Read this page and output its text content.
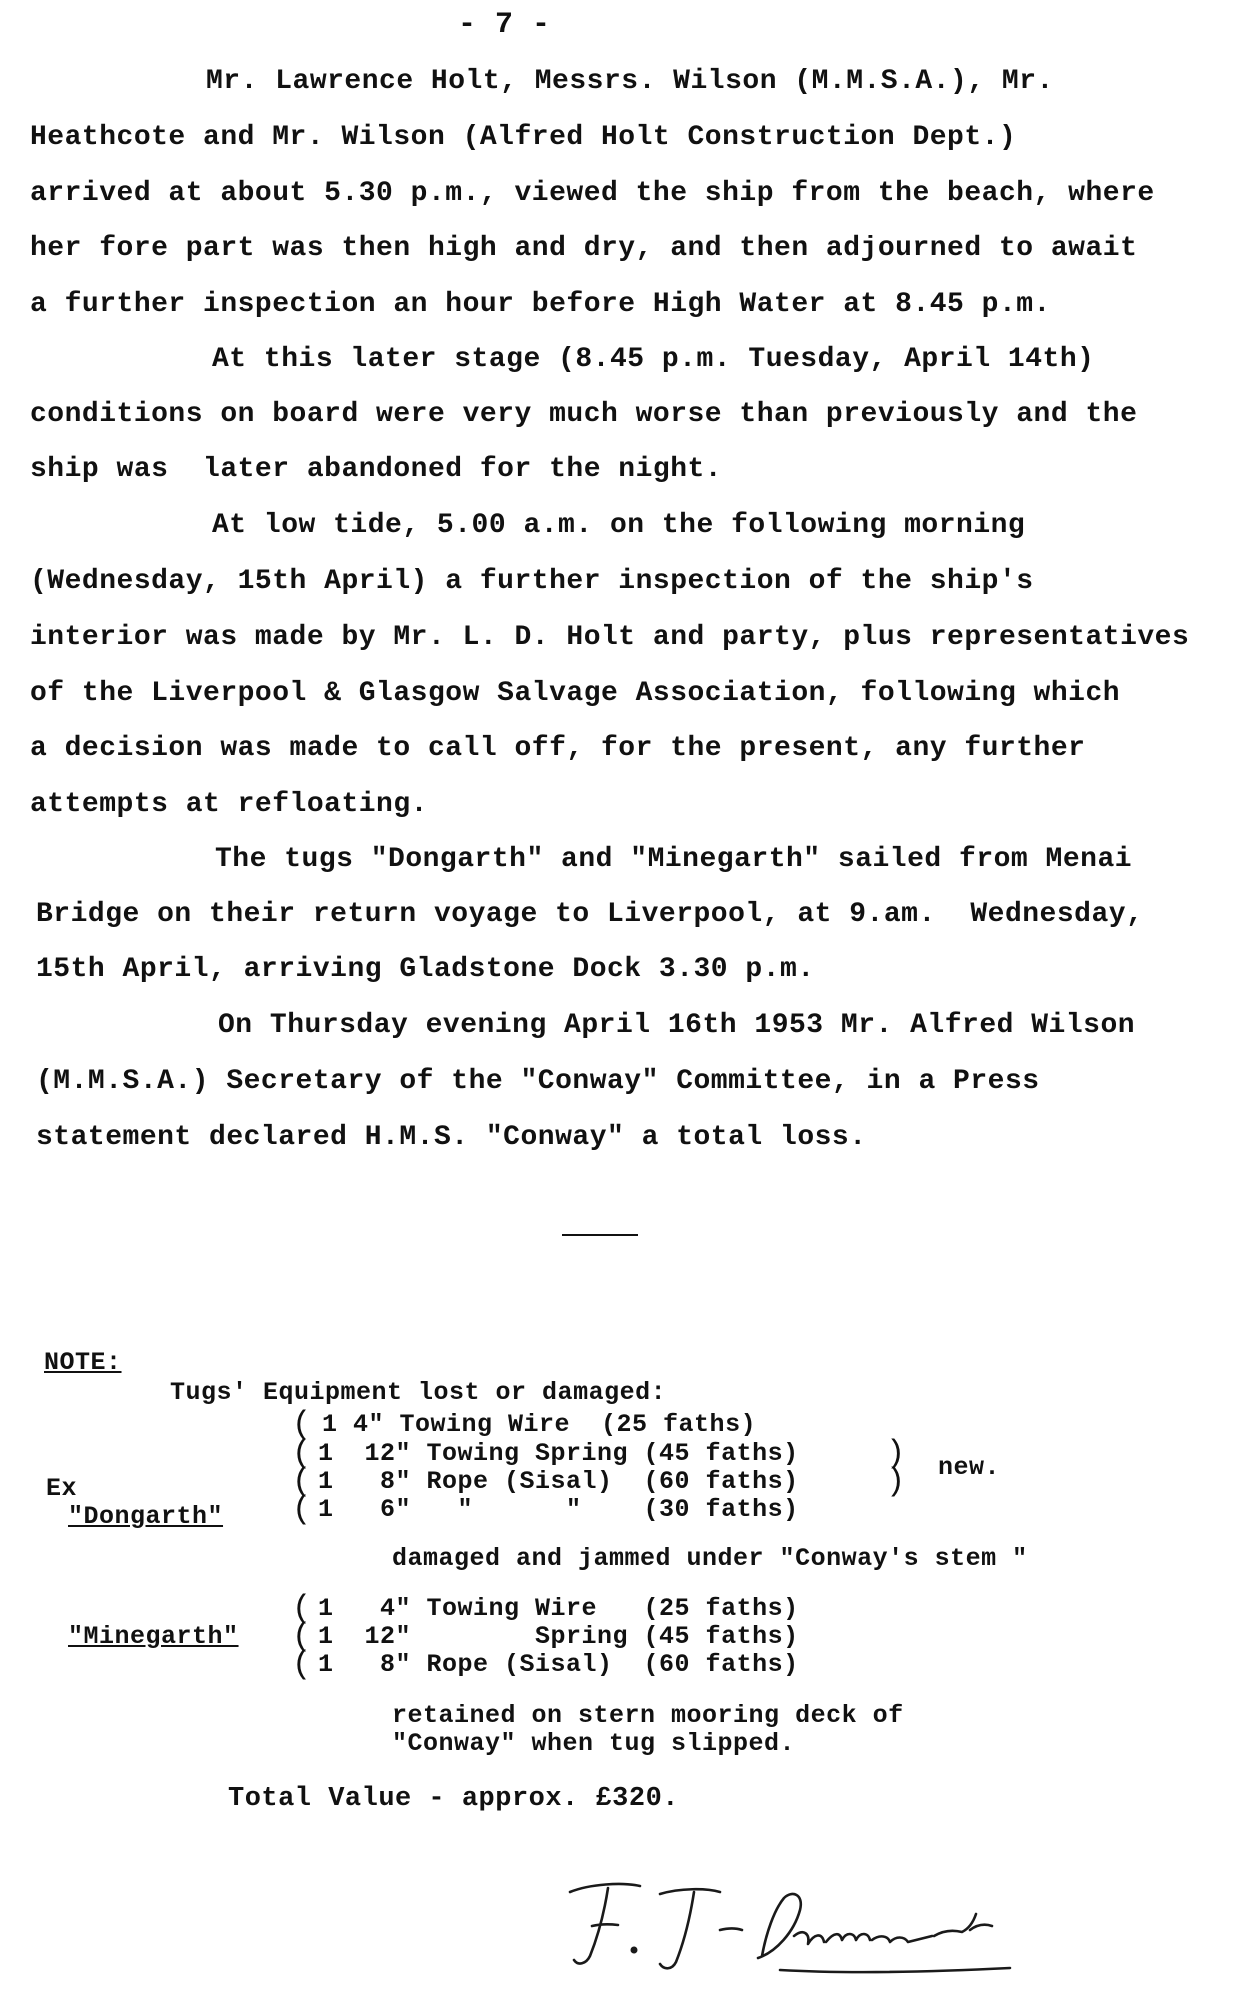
- 7 -
Mr. Lawrence Holt, Messrs. Wilson (M.M.S.A.), Mr.
Heathcote and Mr. Wilson (Alfred Holt Construction Dept.)
arrived at about 5.30 p.m., viewed the ship from the beach, where
her fore part was then high and dry, and then adjourned to await
a further inspection an hour before High Water at 8.45 p.m.
At this later stage (8.45 p.m. Tuesday, April 14th)
conditions on board were very much worse than previously and the
ship was  later abandoned for the night.
At low tide, 5.00 a.m. on the following morning
(Wednesday, 15th April) a further inspection of the ship's
interior was made by Mr. L. D. Holt and party, plus representatives
of the Liverpool & Glasgow Salvage Association, following which
a decision was made to call off, for the present, any further
attempts at refloating.
The tugs "Dongarth" and "Minegarth" sailed from Menai
Bridge on their return voyage to Liverpool, at 9.am.  Wednesday,
15th April, arriving Gladstone Dock 3.30 p.m.
On Thursday evening April 16th 1953 Mr. Alfred Wilson
(M.M.S.A.) Secretary of the "Conway" Committee, in a Press
statement declared H.M.S. "Conway" a total loss.
NOTE:
Tugs' Equipment lost or damaged:
(
(
(
(
1 4" Towing Wire  (25 faths)
1  12" Towing Spring (45 faths)
1   8" Rope (Sisal)  (60 faths)
1   6"   "      "    (30 faths)
)
) new.
Ex
"Dongarth"
damaged and jammed under "Conway's stem "
(
(
(
1   4" Towing Wire   (25 faths)
1  12"        Spring (45 faths)
1   8" Rope (Sisal)  (60 faths)
"Minegarth"
retained on stern mooring deck of
"Conway" when tug slipped.
Total Value - approx. £320.
